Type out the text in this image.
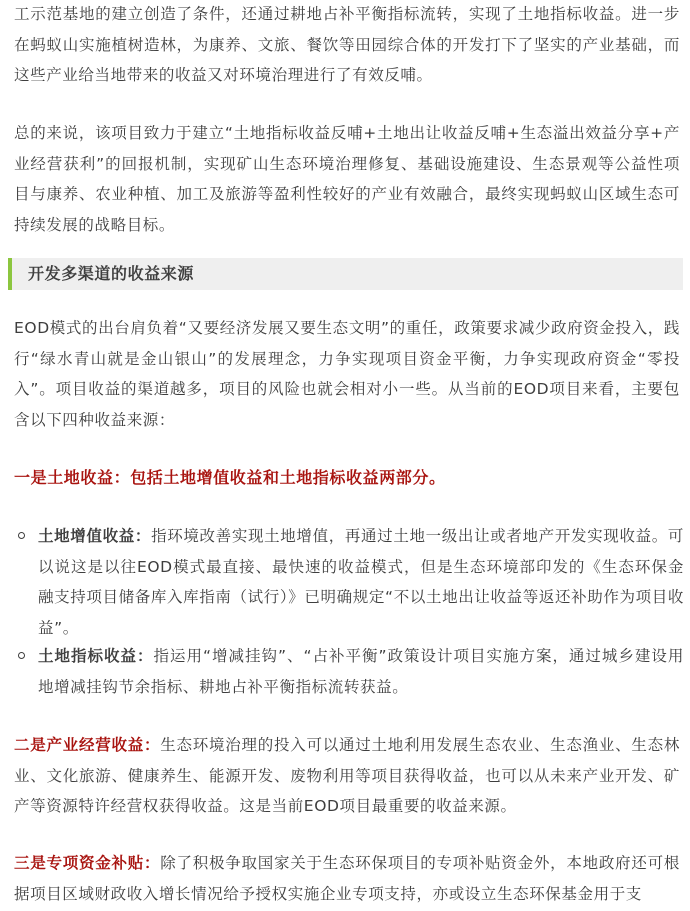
工示范基地的建立创造了条件，还通过耕地占补平衡指标流转，实现了土地指标收益。进一步在蚂蚁山实施植树造林，为康养、文旅、餐饮等田园综合体的开发打下了坚实的产业基础，而这些产业给当地带来的收益又对环境治理进行了有效反哺。

总的来说，该项目致力于建立“土地指标收益反哺+土地出让收益反哺+生态溢出效益分享+产业经营获利”的回报机制，实现矿山生态环境治理修复、基础设施建设、生态景观等公益性项目与康养、农业种植、加工及旅游等盈利性较好的产业有效融合，最终实现蚂蚁山区域生态可持续发展的战略目标。

开发多渠道的收益来源

EOD模式的出台肩负着“又要经济发展又要生态文明”的重任，政策要求减少政府资金投入，践行“绿水青山就是金山银山”的发展理念，力争实现项目资金平衡，力争实现政府资金“零投入”。项目收益的渠道越多，项目的风险也就会相对小一些。从当前的EOD项目来看，主要包含以下四种收益来源：

一是土地收益：包括土地增值收益和土地指标收益两部分。

土地增值收益：指环境改善实现土地增值，再通过土地一级出让或者地产开发实现收益。可以说这是以往EOD模式最直接、最快速的收益模式，但是生态环境部印发的《生态环保金融支持项目储备库入库指南（试行）》已明确规定“不以土地出让收益等返还补助作为项目收益”。

土地指标收益：指运用“增减挂钩”、“占补平衡”政策设计项目实施方案，通过城乡建设用地增减挂钩节余指标、耕地占补平衡指标流转获益。

二是产业经营收益：生态环境治理的投入可以通过土地利用发展生态农业、生态渔业、生态林业、文化旅游、健康养生、能源开发、废物利用等项目获得收益，也可以从未来产业开发、矿产等资源特许经营权获得收益。这是当前EOD项目最重要的收益来源。

三是专项资金补贴：除了积极争取国家关于生态环保项目的专项补贴资金外，本地政府还可根据项目区域财政收入增长情况给予授权实施企业专项支持，亦或设立生态环保基金用于支
